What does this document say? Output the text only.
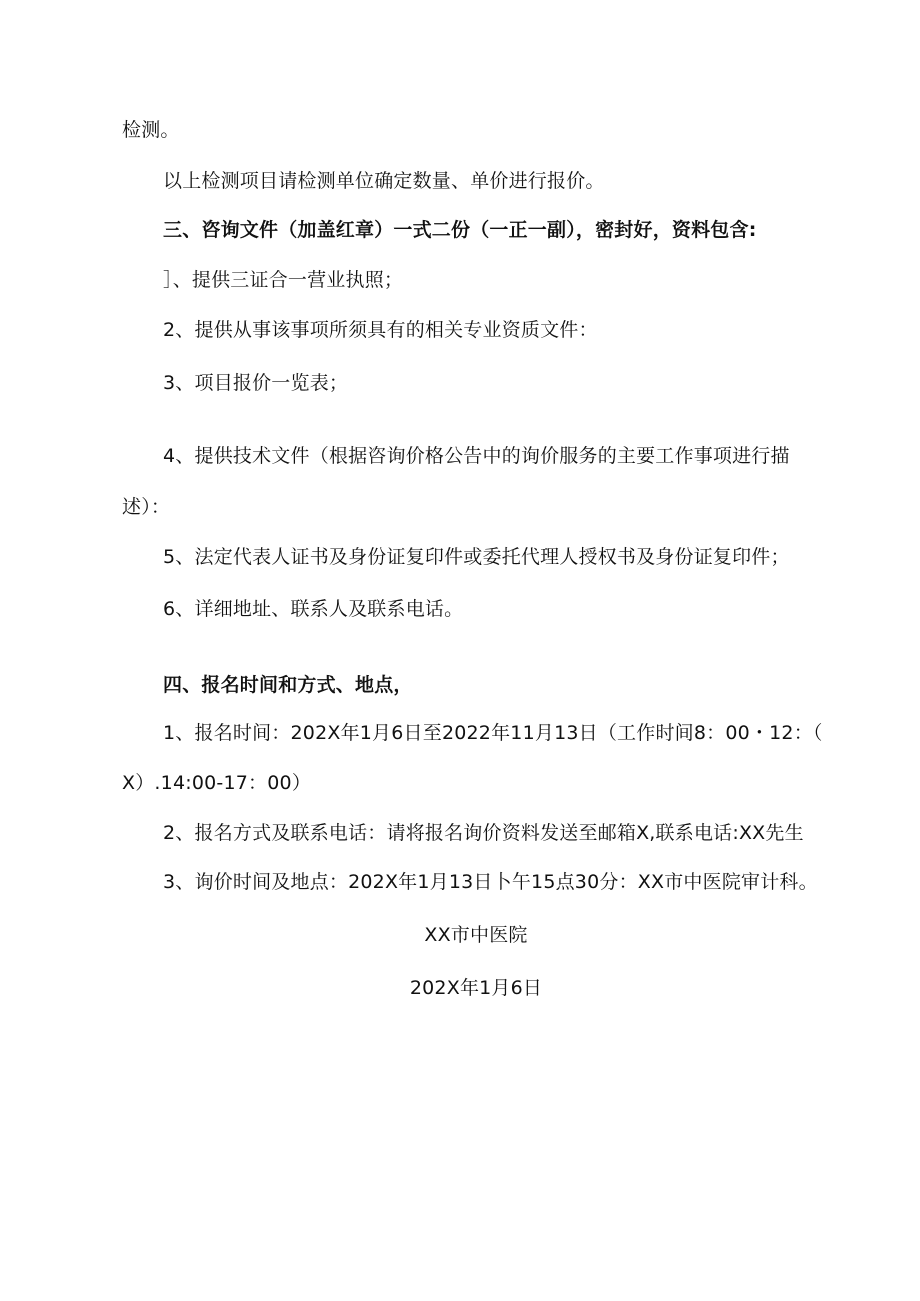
检测。
以上检测项目请检测单位确定数量、单价进行报价。
三、咨询文件（加盖红章）一式二份（一正一副），密封好，资料包含:
］、提供三证合一营业执照；
2、提供从事该事项所须具有的相关专业资质文件：
3、项目报价一览表；
4、提供技术文件（根据咨询价格公告中的询价服务的主要工作事项进行描
述）：
5、法定代表人证书及身份证复印件或委托代理人授权书及身份证复印件；
6、详细地址、联系人及联系电话。
四、报名时间和方式、地点，
1、报名时间：202X年1月6日至2022年11月13日（工作时间8：00・12：（
X）.14:00-17：00）
2、报名方式及联系电话：请将报名询价资料发送至邮箱X,联系电话:XX先生
3、询价时间及地点：202X年1月13日卜午15点30分：XX市中医院审计科。
XX市中医院
202X年1月6日
